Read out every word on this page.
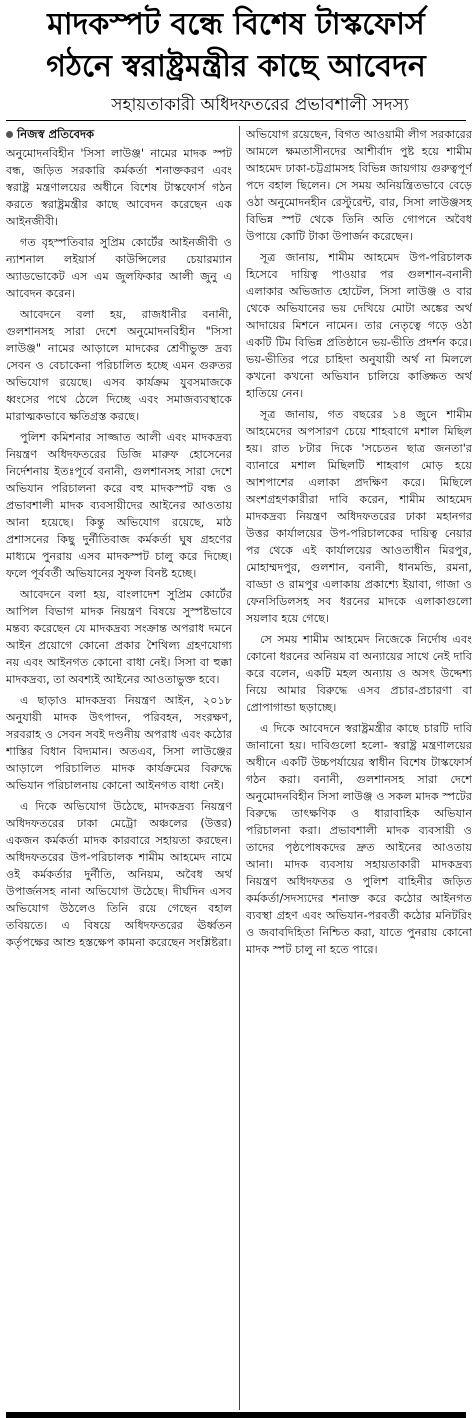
মাদকস্পট বন্ধে বিশেষ টাস্কফোর্স
গঠনে স্বরাষ্ট্রমন্ত্রীর কাছে আবেদন
সহায়তাকারী অধিদফতরের প্রভাবশালী সদস্য
নিজস্ব প্রতিবেদক

অনুমোদনবিহীন 'সিসা লাউঞ্জ' নামের মাদক স্পট বন্ধ, জড়িত সরকারি কর্মকর্তা শনাক্তকরণ এবং স্বরাষ্ট্র মন্ত্রণালয়ের অধীনে বিশেষ টাস্কফোর্স গঠন করতে স্বরাষ্ট্রমন্ত্রীর কাছে আবেদন করেছেন এক আইনজীবী।

গত বৃহস্পতিবার সুপ্রিম কোর্টের আইনজীবী ও ন্যাশনাল লইয়ার্স কাউন্সিলের চেয়ারম্যান অ্যাডভোকেট এস এম জুলফিকার আলী জুনু এ আবেদন করেন।

আবেদনে বলা হয়, রাজধানীর বনানী, গুলশানসহ সারা দেশে অনুমোদনবিহীন "সিসা লাউঞ্জ" নামের আড়ালে মাদকের শ্রেণীভুক্ত দ্রব্য সেবন ও বেচাকেনা পরিচালিত হচ্ছে এমন গুরুতর অভিযোগ রয়েছে। এসব কার্যক্রম যুবসমাজকে ধ্বংসের পথে ঠেলে দিচ্ছে এবং সমাজব্যবস্থাকে মারাত্মকভাবে ক্ষতিগ্রস্ত করছে।

পুলিশ কমিশনার সাজ্জাত আলী এবং মাদকদ্রব্য নিয়ন্ত্রণ অধিদফতরের ডিজি মারুফ হোসেনের নির্দেশনায় ইতঃপূর্বে বনানী, গুলশানসহ সারা দেশে অভিযান পরিচালনা করে বহু মাদকস্পট বন্ধ ও প্রভাবশালী মাদক ব্যবসায়ীদের আইনের আওতায় আনা হয়েছে। কিন্তু অভিযোগ রয়েছে, মাঠ প্রশাসনের কিছু দুর্নীতিবাজ কর্মকর্তা ঘুষ গ্রহণের মাধ্যমে পুনরায় এসব মাদকস্পট চালু করে দিচ্ছে। ফলে পূর্ববর্তী অভিযানের সুফল বিনষ্ট হচ্ছে।

আবেদনে বলা হয়, বাংলাদেশ সুপ্রিম কোর্টের আপিল বিভাগ মাদক নিয়ন্ত্রণ বিষয়ে সুস্পষ্টভাবে মন্তব্য করেছেন যে মাদকদ্রব্য সংক্রান্ত অপরাধ দমনে আইন প্রয়োগে কোনো প্রকার শৈথিল্য গ্রহণযোগ্য নয় এবং আইনগত কোনো বাধা নেই। সিসা বা হুক্কা মাদকদ্রব্য, তা অবশ্যই আইনের আওতাভুক্ত হবে।

এ ছাড়াও মাদকদ্রব্য নিয়ন্ত্রণ আইন, ২০১৮ অনুযায়ী মাদক উৎপাদন, পরিবহন, সংরক্ষণ, সরবরাহ ও সেবন সবই দণ্ডনীয় অপরাধ এবং কঠোর শাস্তির বিধান বিদ্যমান। অতএব, সিসা লাউঞ্জের আড়ালে পরিচালিত মাদক কার্যক্রমের বিরুদ্ধে অভিযান পরিচালনায় কোনো আইনগত বাধা নেই।

এ দিকে অভিযোগ উঠেছে, মাদকদ্রব্য নিয়ন্ত্রণ অধিদফতরের ঢাকা মেট্রো অঞ্চলের (উত্তর) একজন কর্মকর্তা মাদক কারবারে সহায়তা করছেন। অধিদফতরের উপ-পরিচালক শামীম আহমেদ নামে ওই কর্মকর্তার দুর্নীতি, অনিয়ম, অবৈধ অর্থ উপার্জনসহ নানা অভিযোগ উঠেছে। দীর্ঘদিন এসব অভিযোগ উঠলেও তিনি রয়ে গেছেন বহাল তবিয়তে। এ বিষয়ে অধিদফতরের ঊর্ধ্বতন কর্তৃপক্ষের আশু হস্তক্ষেপ কামনা করেছেন সংশ্লিষ্টরা।

অভিযোগ রয়েছেন, বিগত আওয়ামী লীগ সরকারের আমলে ক্ষমতাসীনদের আশীর্বাদ পুষ্ট হয়ে শামীম আহমেদ ঢাকা-চট্টগ্রামসহ বিভিন্ন জায়গায় গুরুত্বপূর্ণ পদে বহাল ছিলেন। সে সময় অনিয়ন্ত্রিতভাবে বেড়ে ওঠা অনুমোদনহীন রেস্টুরেন্ট, বার, সিসা লাউঞ্জসহ বিভিন্ন স্পট থেকে তিনি অতি গোপনে অবৈধ উপায়ে কোটি টাকা উপার্জন করেছেন।

সূত্র জানায়, শামীম আহমেদ উপ-পরিচালক হিসেবে দায়িত্ব পাওয়ার পর গুলশান-বনানী এলাকার অভিজাত হোটেল, সিসা লাউঞ্জ ও বার থেকে অভিযানের ভয় দেখিয়ে মোটা অঙ্কের অর্থ আদায়ের মিশনে নামেন। তার নেতৃত্বে গড়ে ওঠা একটি টিম বিভিন্ন প্রতিষ্ঠানে ভয়-ভীতি প্রদর্শন করে। ভয়-ভীতির পরে চাহিদা অনুযায়ী অর্থ না মিললে কখনো কখনো অভিযান চালিয়ে কাঙ্ক্ষিত অর্থ হাতিয়ে নেন।

সূত্র জানায়, গত বছরের ১৪ জুনে শামীম আহমেদের অপসারণ চেয়ে শাহবাগে মশাল মিছিল হয়। রাত ৮টার দিকে 'সচেতন ছাত্র জনতা'র ব্যানারে মশাল মিছিলটি শাহবাগ মোড় হয়ে আশপাশের এলাকা প্রদক্ষিণ করে। মিছিলে অংশগ্রহণকারীরা দাবি করেন, শামীম আহমেদ মাদকদ্রব্য নিয়ন্ত্রণ অধিদফতরের ঢাকা মহানগর উত্তর কার্যালয়ের উপ-পরিচালকের দায়িত্ব নেয়ার পর থেকে এই কার্যালয়ের আওতাধীন মিরপুর, মোহাম্মদপুর, গুলশান, বনানী, ধানমন্ডি, রমনা, বাড্ডা ও রামপুর এলাকায় প্রকাশ্যে ইয়াবা, গাজা ও ফেনসিডিলসহ সব ধরনের মাদকে এলাকাগুলো সয়লাব হয়ে গেছে।

সে সময় শামীম আহমেদ নিজেকে নির্দোষ এবং কোনো ধরনের অনিয়ম বা অন্যায়ের সাথে নেই দাবি করে বলেন, একটি মহল অন্যায় ও অসৎ উদ্দেশ্য নিয়ে আমার বিরুদ্ধে এসব প্রচার-প্রচারণা বা প্রোপাগান্ডা ছড়াচ্ছে।

এ দিকে আবেদনে স্বরাষ্ট্রমন্ত্রীর কাছে চারটি দাবি জানানো হয়। দাবিগুলো হলো- স্বরাষ্ট্র মন্ত্রণালয়ের অধীনে একটি উচ্চপর্যায়ের স্বাধীন বিশেষ টাস্কফোর্স গঠন করা। বনানী, গুলশানসহ সারা দেশে অনুমোদনবিহীন সিসা লাউঞ্জ ও সকল মাদক স্পটের বিরুদ্ধে তাৎক্ষণিক ও ধারাবাহিক অভিযান পরিচালনা করা। প্রভাবশালী মাদক ব্যবসায়ী ও তাদের পৃষ্ঠপোষকদের দ্রুত আইনের আওতায় আনা। মাদক ব্যবসায় সহায়তাকারী মাদকদ্রব্য নিয়ন্ত্রণ অধিদফতর ও পুলিশ বাহিনীর জড়িত কর্মকর্তা/সদস্যদের শনাক্ত করে কঠোর আইনগত ব্যবস্থা গ্রহণ এবং অভিযান-পরবর্তী কঠোর মনিটরিং ও জবাবদিহিতা নিশ্চিত করা, যাতে পুনরায় কোনো মাদক স্পট চালু না হতে পারে।
